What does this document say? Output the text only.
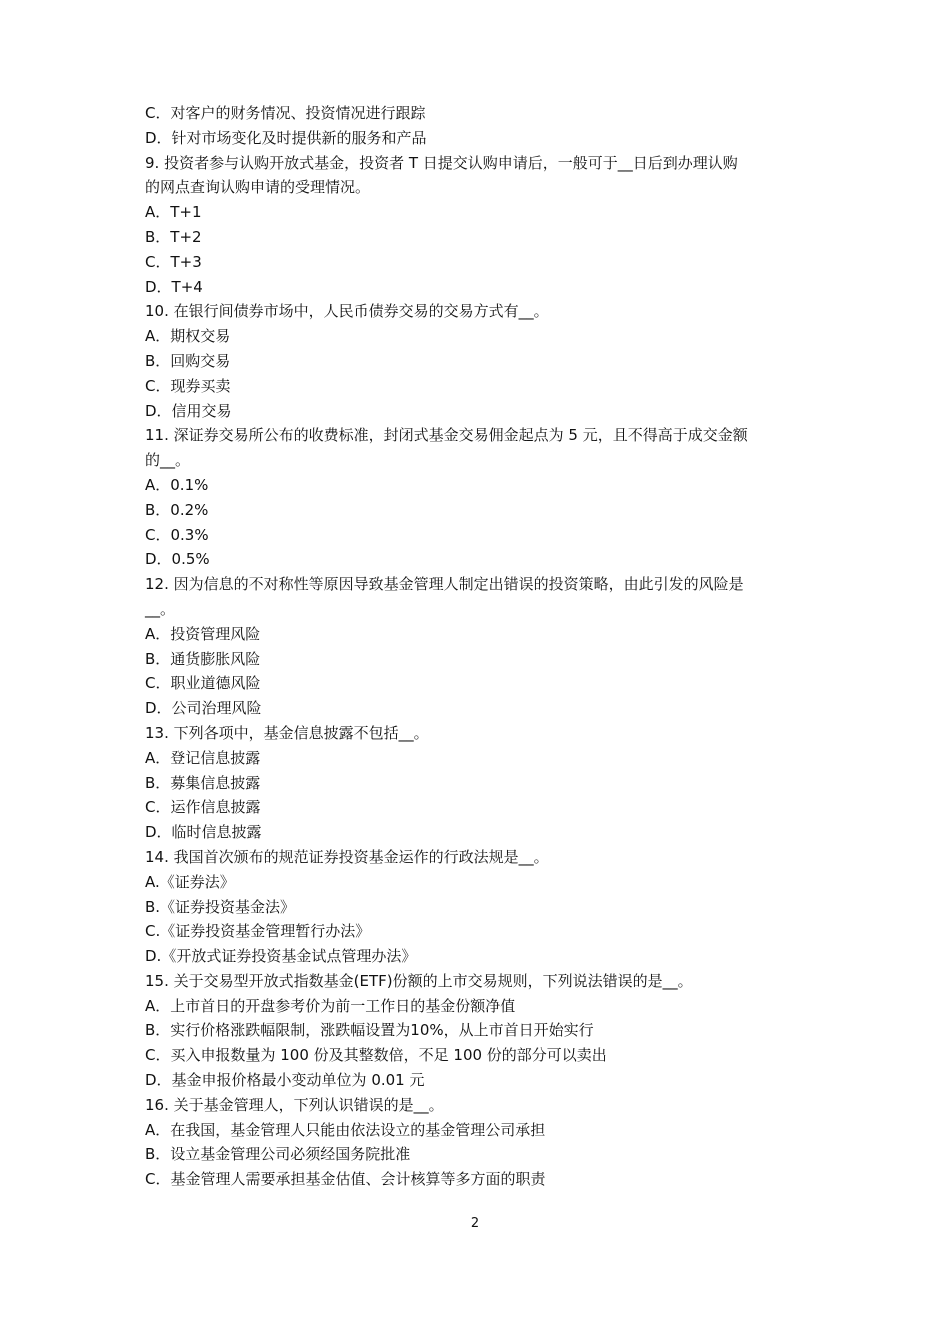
C．对客户的财务情况、投资情况进行跟踪
D．针对市场变化及时提供新的服务和产品
9. 投资者参与认购开放式基金，投资者 T 日提交认购申请后，一般可于__日后到办理认购
的网点查询认购申请的受理情况。
A．T+1
B．T+2
C．T+3
D．T+4
10. 在银行间债券市场中，人民币债券交易的交易方式有__。
A．期权交易
B．回购交易
C．现券买卖
D．信用交易
11. 深证券交易所公布的收费标准，封闭式基金交易佣金起点为 5 元，且不得高于成交金额
的__。
A．0.1%
B．0.2%
C．0.3%
D．0.5%
12. 因为信息的不对称性等原因导致基金管理人制定出错误的投资策略，由此引发的风险是
__。
A．投资管理风险
B．通货膨胀风险
C．职业道德风险
D．公司治理风险
13. 下列各项中，基金信息披露不包括__。
A．登记信息披露
B．募集信息披露
C．运作信息披露
D．临时信息披露
14. 我国首次颁布的规范证券投资基金运作的行政法规是__。
A.《证券法》
B.《证券投资基金法》
C.《证券投资基金管理暂行办法》
D.《开放式证券投资基金试点管理办法》
15. 关于交易型开放式指数基金(ETF)份额的上市交易规则，下列说法错误的是__。
A．上市首日的开盘参考价为前一工作日的基金份额净值
B．实行价格涨跌幅限制，涨跌幅设置为10%，从上市首日开始实行
C．买入申报数量为 100 份及其整数倍，不足 100 份的部分可以卖出
D．基金申报价格最小变动单位为 0.01 元
16. 关于基金管理人，下列认识错误的是__。
A．在我国，基金管理人只能由依法设立的基金管理公司承担
B．设立基金管理公司必须经国务院批准
C．基金管理人需要承担基金估值、会计核算等多方面的职责
2
